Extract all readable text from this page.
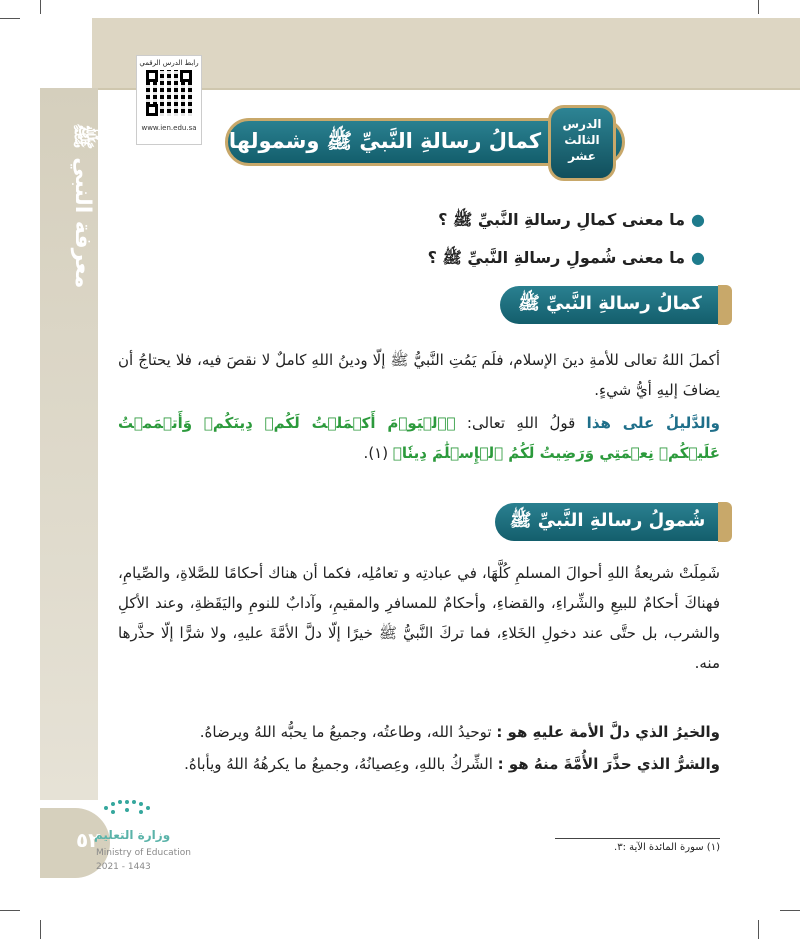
معرفة النبي ﷺ
رابط الدرس الرقمي
www.ien.edu.sa
كمالُ رسالةِ النَّبيِّ ﷺ وشمولها
الدرس
الثالث
عشر
●ما معنى كمالِ رسالةِ النَّبيِّ ﷺ ؟
●ما معنى شُمولِ رسالةِ النَّبيِّ ﷺ ؟
كمالُ رسالةِ النَّبيِّ ﷺ
أكملَ اللهُ تعالى للأمةِ دينَ الإسلام، فلَم يَمُتِ النَّبيُّ ﷺ إلّا ودينُ اللهِ كاملٌ لا نقصَ فيه، فلا يحتاجُ أن يضافَ إليهِ أيُّ شيءٍ.
والدَّليلُ على هذا قولُ اللهِ تعالى: ﴿ٱلۡيَوۡمَ أَكۡمَلۡتُ لَكُمۡ دِينَكُمۡ وَأَتۡمَمۡتُ عَلَيۡكُمۡ نِعۡمَتِي وَرَضِيتُ لَكُمُ ٱلۡإِسۡلَٰمَ دِينٗا﴾ (١).
شُمولُ رسالةِ النَّبيِّ ﷺ
شَمِلَتْ شريعةُ اللهِ أحوالَ المسلمِ كُلَّهَا، في عبادتِه و تعامُلِه، فكما أن هناك أحكامًا للصَّلاةِ، والصِّيامِ، فهناكَ أحكامٌ للبيعِ والشِّراءِ، والقضاءِ، وأحكامٌ للمسافرِ والمقيمِ، وآدابٌ للنومِ واليَقَظةِ، وعند الأكلِ والشرب، بل حتَّى عند دخولِ الخَلاءِ، فما تركَ النَّبيُّ ﷺ خيرًا إلّا دلَّ الأمَّةَ عليهِ، ولا شرًّا إلّا حذَّرها منه.
والخيرُ الذي دلَّ الأمة عليهِ هو : توحيدُ الله، وطاعتُه، وجميعُ ما يحبُّه اللهُ ويرضاهُ.
والشرُّ الذي حذَّرَ الأُمَّةَ منهُ هو : الشِّركُ باللهِ، وعِصيانُهُ، وجميعُ ما يكرهُهُ اللهُ ويأباهُ.
٥٢
وزارة التعليم
Ministry of Education
2021 - 1443
(١) سورة المائدة الآية :٣.
